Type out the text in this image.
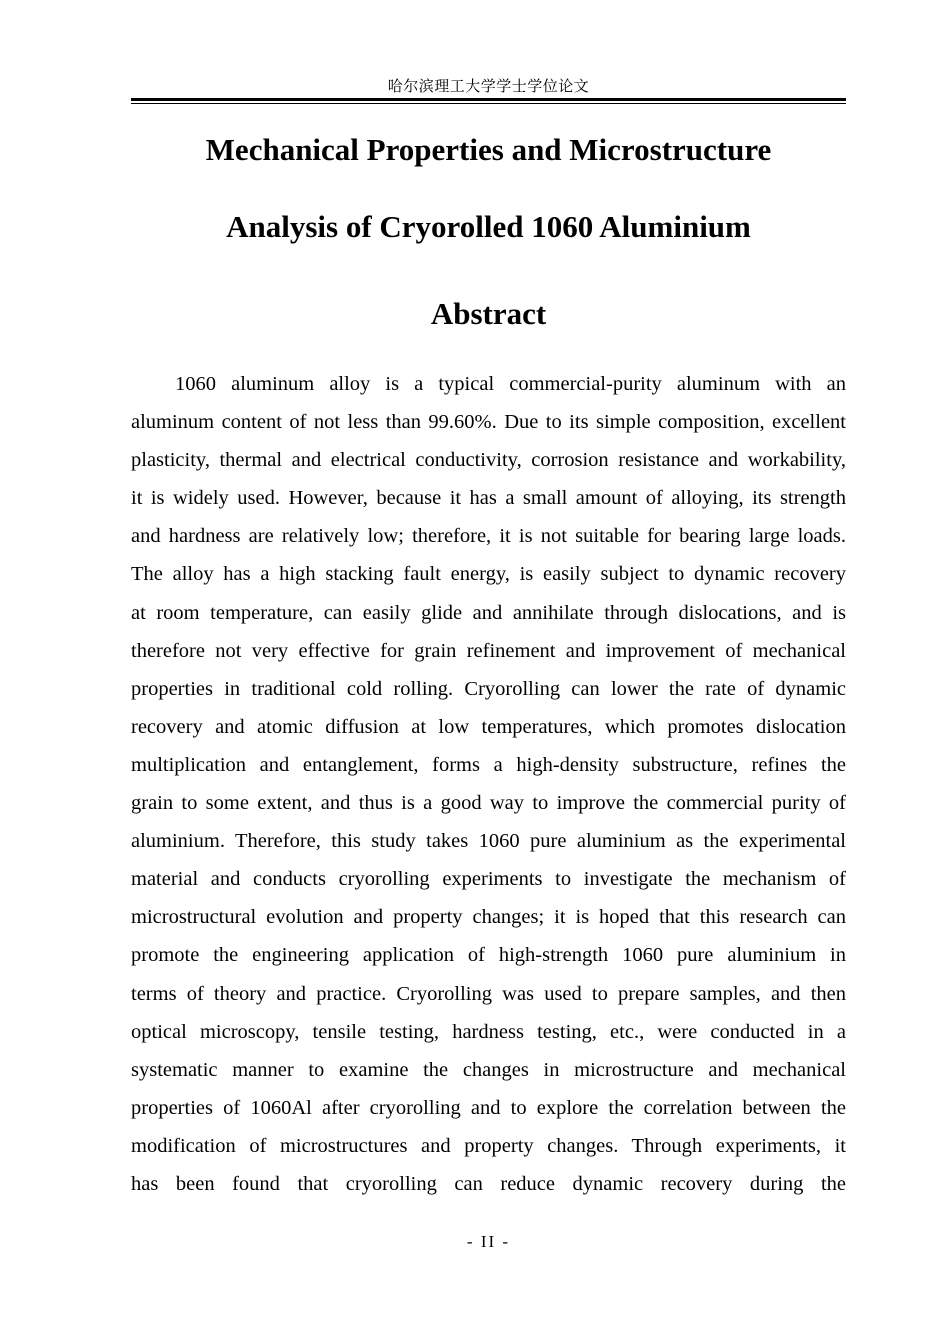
哈尔滨理工大学学士学位论文
Mechanical Properties and Microstructure
Analysis of Cryorolled 1060 Aluminium
Abstract
1060 aluminum alloy is a typical commercial-purity aluminum with an
aluminum content of not less than 99.60%. Due to its simple composition, excellent
plasticity, thermal and electrical conductivity, corrosion resistance and workability,
it is widely used. However, because it has a small amount of alloying, its strength
and hardness are relatively low; therefore, it is not suitable for bearing large loads.
The alloy has a high stacking fault energy, is easily subject to dynamic recovery
at room temperature, can easily glide and annihilate through dislocations, and is
therefore not very effective for grain refinement and improvement of mechanical
properties in traditional cold rolling. Cryorolling can lower the rate of dynamic
recovery and atomic diffusion at low temperatures, which promotes dislocation
multiplication and entanglement, forms a high-density substructure, refines the
grain to some extent, and thus is a good way to improve the commercial purity of
aluminium. Therefore, this study takes 1060 pure aluminium as the experimental
material and conducts cryorolling experiments to investigate the mechanism of
microstructural evolution and property changes; it is hoped that this research can
promote the engineering application of high-strength 1060 pure aluminium in
terms of theory and practice. Cryorolling was used to prepare samples, and then
optical microscopy, tensile testing, hardness testing, etc., were conducted in a
systematic manner to examine the changes in microstructure and mechanical
properties of 1060Al after cryorolling and to explore the correlation between the
modification of microstructures and property changes. Through experiments, it
has been found that cryorolling can reduce dynamic recovery during the
- II -
